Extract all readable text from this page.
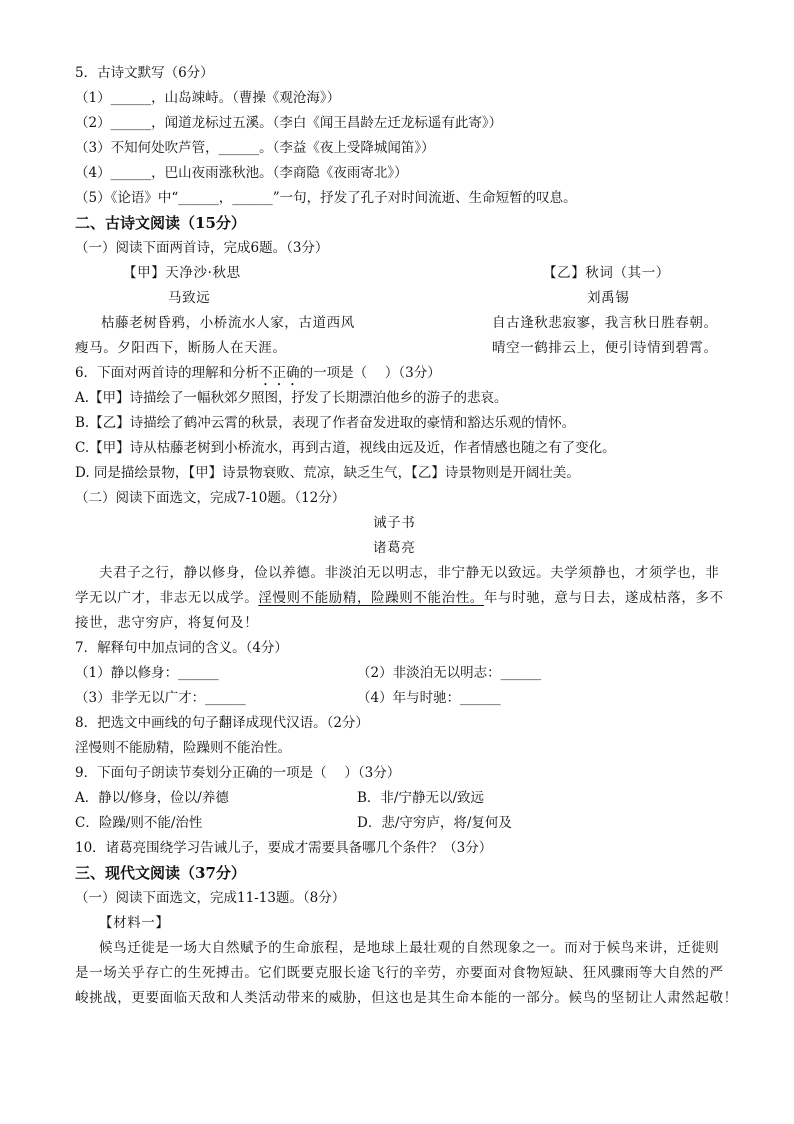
5．古诗文默写（6分）
（1）______，山岛竦峙。（曹操《观沧海》）
（2）______，闻道龙标过五溪。（李白《闻王昌龄左迁龙标遥有此寄》）
（3）不知何处吹芦管，______。（李益《夜上受降城闻笛》）
（4）______，巴山夜雨涨秋池。（李商隐《夜雨寄北》）
（5）《论语》中“______，______”一句，抒发了孔子对时间流逝、生命短暂的叹息。
二、古诗文阅读（15分）
（一）阅读下面两首诗，完成6题。（3分）
【甲】天净沙·秋思
马致远
枯藤老树昏鸦，小桥流水人家，古道西风
瘦马。夕阳西下，断肠人在天涯。
【乙】秋词（其一）
刘禹锡
自古逢秋悲寂寥，我言秋日胜春朝。
晴空一鹤排云上，便引诗情到碧霄。
6．下面对两首诗的理解和分析不正确的一项是（　 ）（3分）
A.【甲】诗描绘了一幅秋郊夕照图，抒发了长期漂泊他乡的游子的悲哀。
B.【乙】诗描绘了鹤冲云霄的秋景，表现了作者奋发进取的豪情和豁达乐观的情怀。
C.【甲】诗从枯藤老树到小桥流水，再到古道，视线由远及近，作者情感也随之有了变化。
D. 同是描绘景物，【甲】诗景物衰败、荒凉，缺乏生气，【乙】诗景物则是开阔壮美。
（二）阅读下面选文，完成7-10题。（12分）
诫子书
诸葛亮
夫君子之行，静以修身，俭以养德。非淡泊无以明志，非宁静无以致远。夫学须静也，才须学也，非
学无以广才，非志无以成学。淫慢则不能励精，险躁则不能治性。年与时驰，意与日去，遂成枯落，多不
接世，悲守穷庐，将复何及！
7．解释句中加点词的含义。（4分）
（1）静以修身：______	（2）非淡泊无以明志：______
（3）非学无以广才：______	（4）年与时驰：______
8．把选文中画线的句子翻译成现代汉语。（2分）
淫慢则不能励精，险躁则不能治性。
9．下面句子朗读节奏划分正确的一项是（　 ）（3分）
A．静以/修身，俭以/养德	B．非/宁静无以/致远
C．险躁/则不能/治性	D．悲/守穷庐，将/复何及
10．诸葛亮围绕学习告诫儿子，要成才需要具备哪几个条件？（3分）
三、现代文阅读（37分）
（一）阅读下面选文，完成11-13题。（8分）
【材料一】
候鸟迁徙是一场大自然赋予的生命旅程，是地球上最壮观的自然现象之一。而对于候鸟来讲，迁徙则
是一场关乎存亡的生死搏击。它们既要克服长途飞行的辛劳，亦要面对食物短缺、狂风骤雨等大自然的严
峻挑战，更要面临天敌和人类活动带来的威胁，但这也是其生命本能的一部分。候鸟的坚韧让人肃然起敬！
